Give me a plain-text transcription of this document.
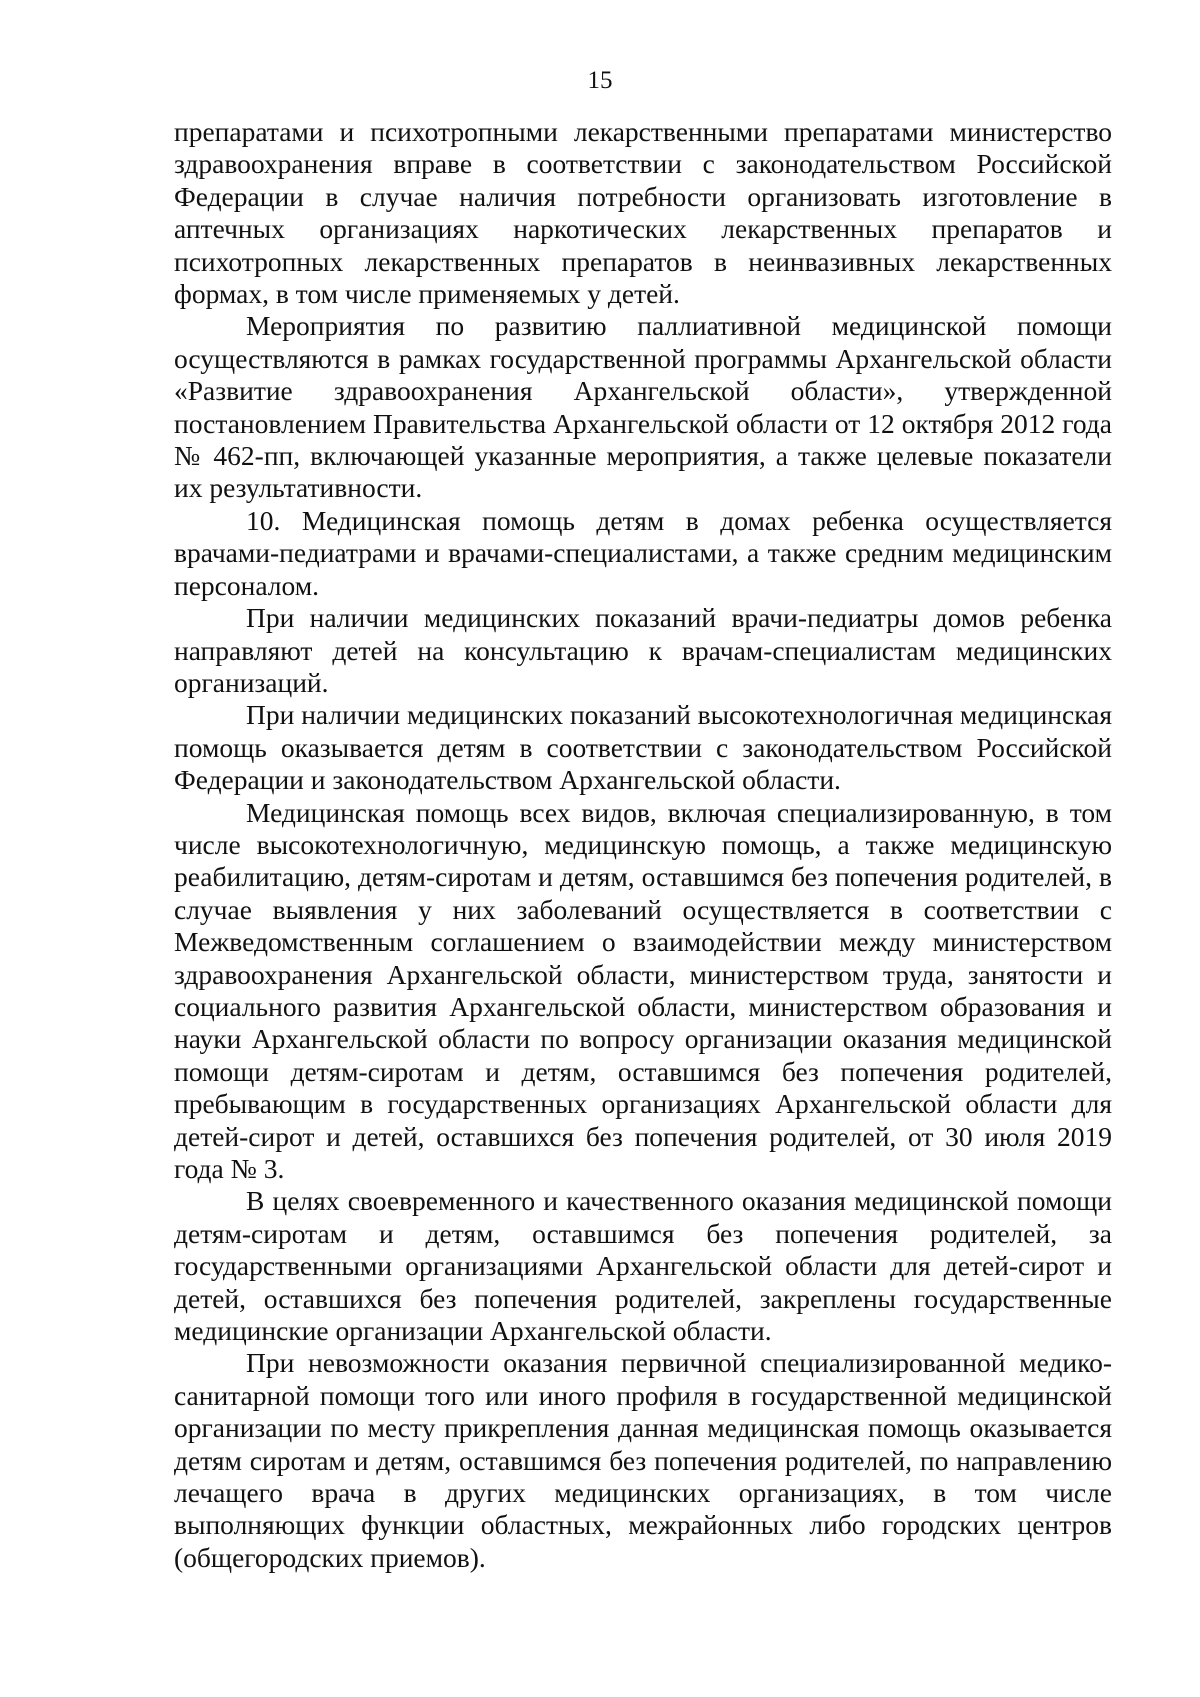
15

препаратами и психотропными лекарственными препаратами министерство здравоохранения вправе в соответствии с законодательством Российской Федерации в случае наличия потребности организовать изготовление в аптечных организациях наркотических лекарственных препаратов и психотропных лекарственных препаратов в неинвазивных лекарственных формах, в том числе применяемых у детей.

Мероприятия по развитию паллиативной медицинской помощи осуществляются в рамках государственной программы Архангельской области «Развитие здравоохранения Архангельской области», утвержденной постановлением Правительства Архангельской области от 12 октября 2012 года № 462-пп, включающей указанные мероприятия, а также целевые показатели их результативности.

10. Медицинская помощь детям в домах ребенка осуществляется врачами-педиатрами и врачами-специалистами, а также средним медицинским персоналом.

При наличии медицинских показаний врачи-педиатры домов ребенка направляют детей на консультацию к врачам-специалистам медицинских организаций.

При наличии медицинских показаний высокотехнологичная медицинская помощь оказывается детям в соответствии с законодательством Российской Федерации и законодательством Архангельской области.

Медицинская помощь всех видов, включая специализированную, в том числе высокотехнологичную, медицинскую помощь, а также медицинскую реабилитацию, детям-сиротам и детям, оставшимся без попечения родителей, в случае выявления у них заболеваний осуществляется в соответствии с Межведомственным соглашением о взаимодействии между министерством здравоохранения Архангельской области, министерством труда, занятости и социального развития Архангельской области, министерством образования и науки Архангельской области по вопросу организации оказания медицинской помощи детям-сиротам и детям, оставшимся без попечения родителей, пребывающим в государственных организациях Архангельской области для детей-сирот и детей, оставшихся без попечения родителей, от 30 июля 2019 года № 3.

В целях своевременного и качественного оказания медицинской помощи детям-сиротам и детям, оставшимся без попечения родителей, за государственными организациями Архангельской области для детей-сирот и детей, оставшихся без попечения родителей, закреплены государственные медицинские организации Архангельской области.

При невозможности оказания первичной специализированной медико-санитарной помощи того или иного профиля в государственной медицинской организации по месту прикрепления данная медицинская помощь оказывается детям сиротам и детям, оставшимся без попечения родителей, по направлению лечащего врача в других медицинских организациях, в том числе выполняющих функции областных, межрайонных либо городских центров (общегородских приемов).
